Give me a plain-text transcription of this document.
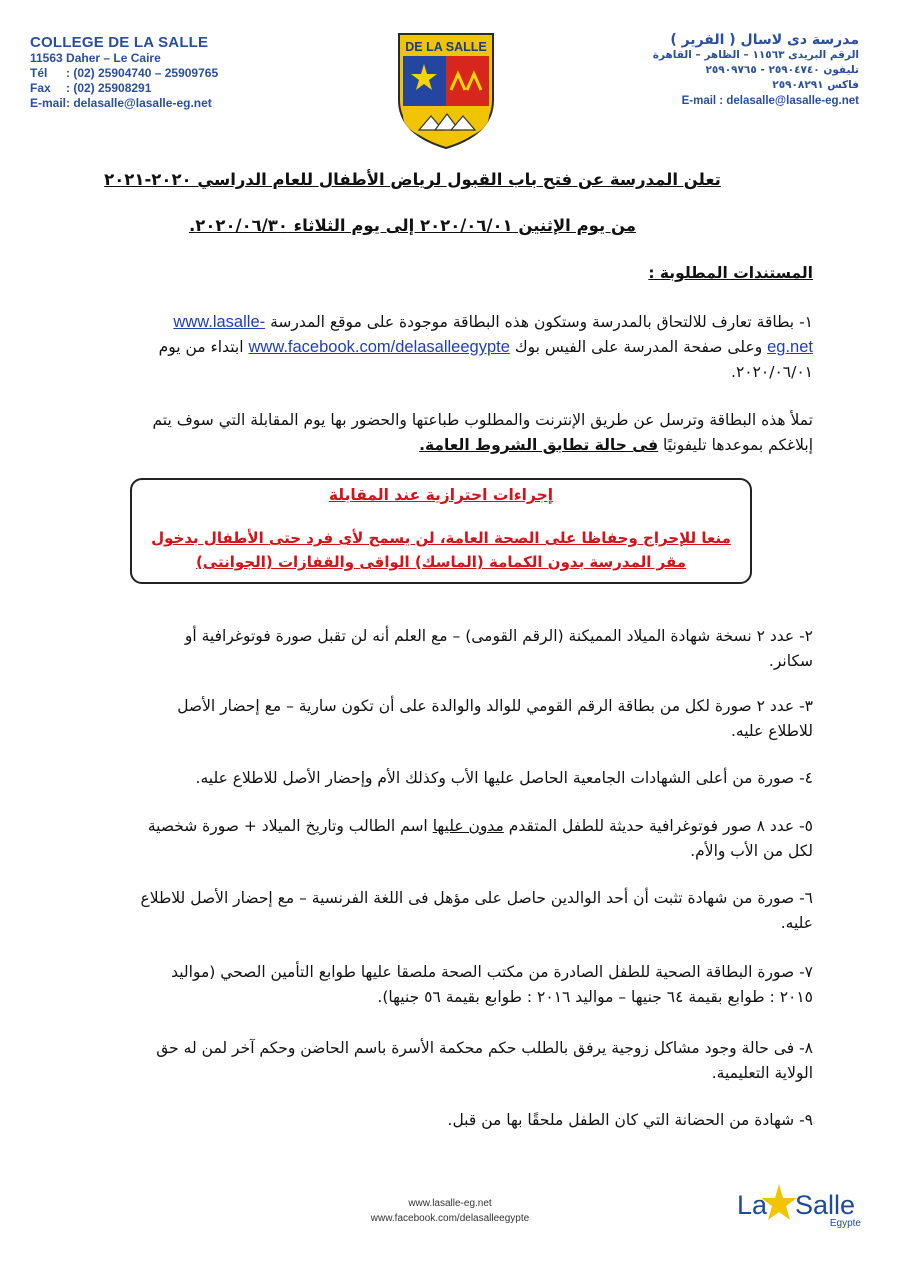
COLLEGE DE LA SALLE
11563 Daher – Le Caire
Tél : (02) 25904740 – 25909765
Fax : (02) 25908291
E-mail: delasalle@lasalle-eg.net
DE LA SALLE	مدرسة دى لاسال ( الفرير )
الرقم البريدى ١١٥٦٣ – الظاهر – القاهرة
تليفون ٢٥٩٠٤٧٤٠ - ٢٥٩٠٩٧٦٥
فاكس ٢٥٩٠٨٢٩١
E-mail : delasalle@lasalle-eg.net
تعلن المدرسة عن فتح باب القبول لرياض الأطفال للعام الدراسي ٢٠٢٠-٢٠٢١
من يوم الإثنين ٢٠٢٠/٠٦/٠١ إلى يوم الثلاثاء ٢٠٢٠/٠٦/٣٠.
المستندات المطلوبة :
١- بطاقة تعارف للالتحاق بالمدرسة وستكون هذه البطاقة موجودة على موقع المدرسة www.lasalle-eg.net وعلى صفحة المدرسة على الفيس بوك www.facebook.com/delasalleegypte ابتداء من يوم ٢٠٢٠/٠٦/٠١.
تملأ هذه البطاقة وترسل عن طريق الإنترنت والمطلوب طباعتها والحضور بها يوم المقابلة التي سوف يتم إبلاغكم بموعدها تليفونيًا فى حالة تطابق الشروط العامة.
إجراءات احترازية عند المقابلة
منعا للإحراج وحفاظا على الصحة العامة، لن يسمح لأى فرد حتى الأطفال بدخول مقر المدرسة بدون الكمامة (الماسك) الواقى والقفازات (الجوانتى)
٢- عدد ٢ نسخة شهادة الميلاد المميكنة (الرقم القومى) – مع العلم أنه لن تقبل صورة فوتوغرافية أو سكانر.
٣- عدد ٢ صورة لكل من بطاقة الرقم القومي للوالد والوالدة على أن تكون سارية – مع إحضار الأصل للاطلاع عليه.
٤- صورة من أعلى الشهادات الجامعية الحاصل عليها الأب وكذلك الأم وإحضار الأصل للاطلاع عليه.
٥- عدد ٨ صور فوتوغرافية حديثة للطفل المتقدم مدون عليها اسم الطالب وتاريخ الميلاد + صورة شخصية لكل من الأب والأم.
٦- صورة من شهادة تثبت أن أحد الوالدين حاصل على مؤهل فى اللغة الفرنسية – مع إحضار الأصل للاطلاع عليه.
٧- صورة البطاقة الصحية للطفل الصادرة من مكتب الصحة ملصقا عليها طوابع التأمين الصحي (مواليد ٢٠١٥ : طوابع بقيمة ٦٤ جنيها – مواليد ٢٠١٦ : طوابع بقيمة ٥٦ جنيها).
٨- فى حالة وجود مشاكل زوجية يرفق بالطلب حكم محكمة الأسرة باسم الحاضن وحكم آخر لمن له حق الولاية التعليمية.
٩- شهادة من الحضانة التي كان الطفل ملحقًا بها من قبل.
www.lasalle-eg.net
www.facebook.com/delasalleegypte	La Salle
Egypte
